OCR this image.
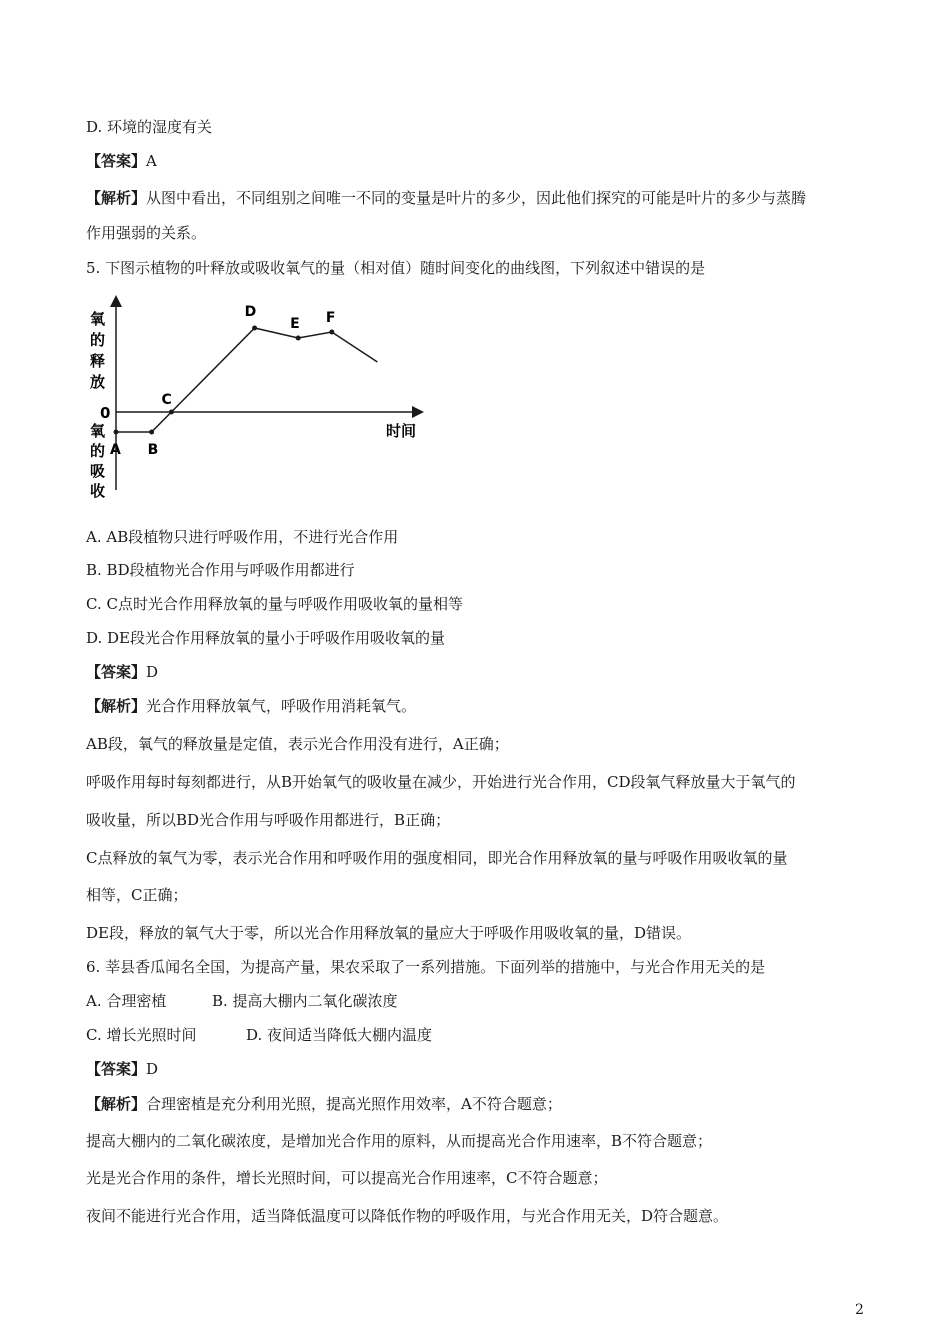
D. 环境的湿度有关
【答案】A
【解析】从图中看出，不同组别之间唯一不同的变量是叶片的多少，因此他们探究的可能是叶片的多少与蒸腾
作用强弱的关系。
5. 下图示植物的叶释放或吸收氧气的量（相对值）随时间变化的曲线图，下列叙述中错误的是
氧
的
释
放
0
氧
的
吸
收
时间
A B
C
D
E F
A. AB段植物只进行呼吸作用，不进行光合作用
B. BD段植物光合作用与呼吸作用都进行
C. C点时光合作用释放氧的量与呼吸作用吸收氧的量相等
D. DE段光合作用释放氧的量小于呼吸作用吸收氧的量
【答案】D
【解析】光合作用释放氧气，呼吸作用消耗氧气。
AB段，氧气的释放量是定值，表示光合作用没有进行，A正确；
呼吸作用每时每刻都进行，从B开始氧气的吸收量在减少，开始进行光合作用，CD段氧气释放量大于氧气的
吸收量，所以BD光合作用与呼吸作用都进行，B正确；
C点释放的氧气为零，表示光合作用和呼吸作用的强度相同，即光合作用释放氧的量与呼吸作用吸收氧的量
相等，C正确；
DE段，释放的氧气大于零，所以光合作用释放氧的量应大于呼吸作用吸收氧的量，D错误。
6. 莘县香瓜闻名全国，为提高产量，果农采取了一系列措施。下面列举的措施中，与光合作用无关的是
A. 合理密植	B. 提高大棚内二氧化碳浓度
C. 增长光照时间	D. 夜间适当降低大棚内温度
【答案】D
【解析】合理密植是充分利用光照，提高光照作用效率，A不符合题意；
提高大棚内的二氧化碳浓度，是增加光合作用的原料，从而提高光合作用速率，B不符合题意；
光是光合作用的条件，增长光照时间，可以提高光合作用速率，C不符合题意；
夜间不能进行光合作用，适当降低温度可以降低作物的呼吸作用，与光合作用无关，D符合题意。
2
